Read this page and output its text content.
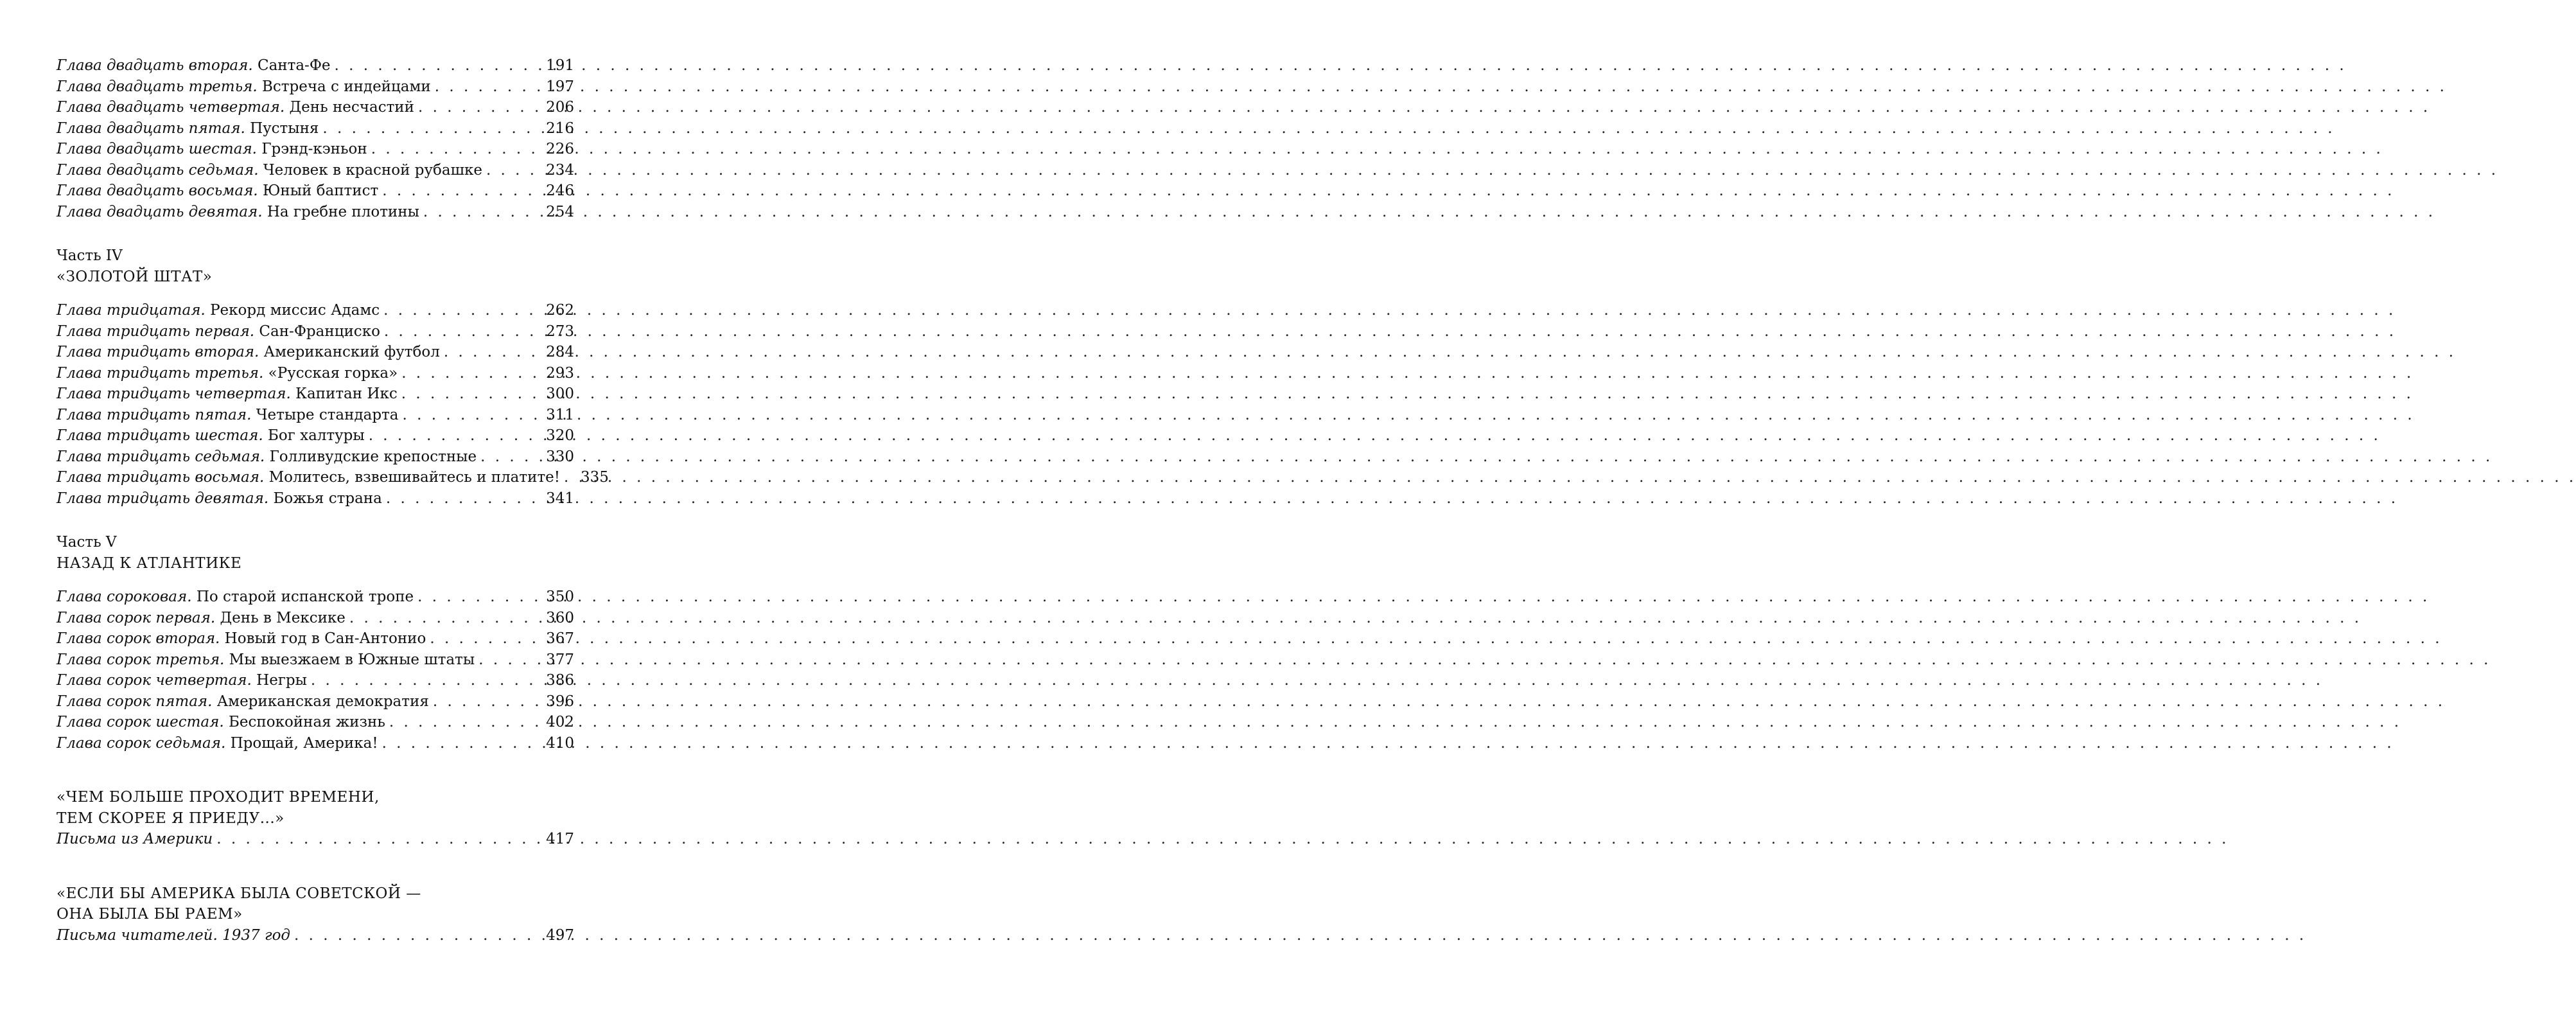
Глава двадцать вторая. Санта-Фе . . .	191
Глава двадцать третья. Встреча с индейцами . . .	197
Глава двадцать четвертая. День несчастий . . .	206
Глава двадцать пятая. Пустыня . . .	216
Глава двадцать шестая. Грэнд-кэньон . . .	226
Глава двадцать седьмая. Человек в красной рубашке . . .	234
Глава двадцать восьмая. Юный баптист . . .	246
Глава двадцать девятая. На гребне плотины . . .	254
Часть IV
«ЗОЛОТОЙ ШТАТ»
Глава тридцатая. Рекорд миссис Адамс . . .	262
Глава тридцать первая. Сан-Франциско . . .	273
Глава тридцать вторая. Американский футбол . . .	284
Глава тридцать третья. «Русская горка» . . .	293
Глава тридцать четвертая. Капитан Икс . . .	300
Глава тридцать пятая. Четыре стандарта . . .	311
Глава тридцать шестая. Бог халтуры . . .	320
Глава тридцать седьмая. Голливудские крепостные . . .	330
Глава тридцать восьмая. Молитесь, взвешивайтесь и платите! . . . 335
Глава тридцать девятая. Божья страна . . .	341
Часть V
НАЗАД К АТЛАНТИКЕ
Глава сороковая. По старой испанской тропе . . .	350
Глава сорок первая. День в Мексике . . .	360
Глава сорок вторая. Новый год в Сан-Антонио . . .	367
Глава сорок третья. Мы выезжаем в Южные штаты . . .	377
Глава сорок четвертая. Негры . . .	386
Глава сорок пятая. Американская демократия . . .	396
Глава сорок шестая. Беспокойная жизнь . . .	402
Глава сорок седьмая. Прощай, Америка! . . .	410
«ЧЕМ БОЛЬШЕ ПРОХОДИТ ВРЕМЕНИ,
ТЕМ СКОРЕЕ Я ПРИЕДУ...»
Письма из Америки . . .	417
«ЕСЛИ БЫ АМЕРИКА БЫЛА СОВЕТСКОЙ —
ОНА БЫЛА БЫ РАЕМ»
Письма читателей. 1937 год . . .	497
